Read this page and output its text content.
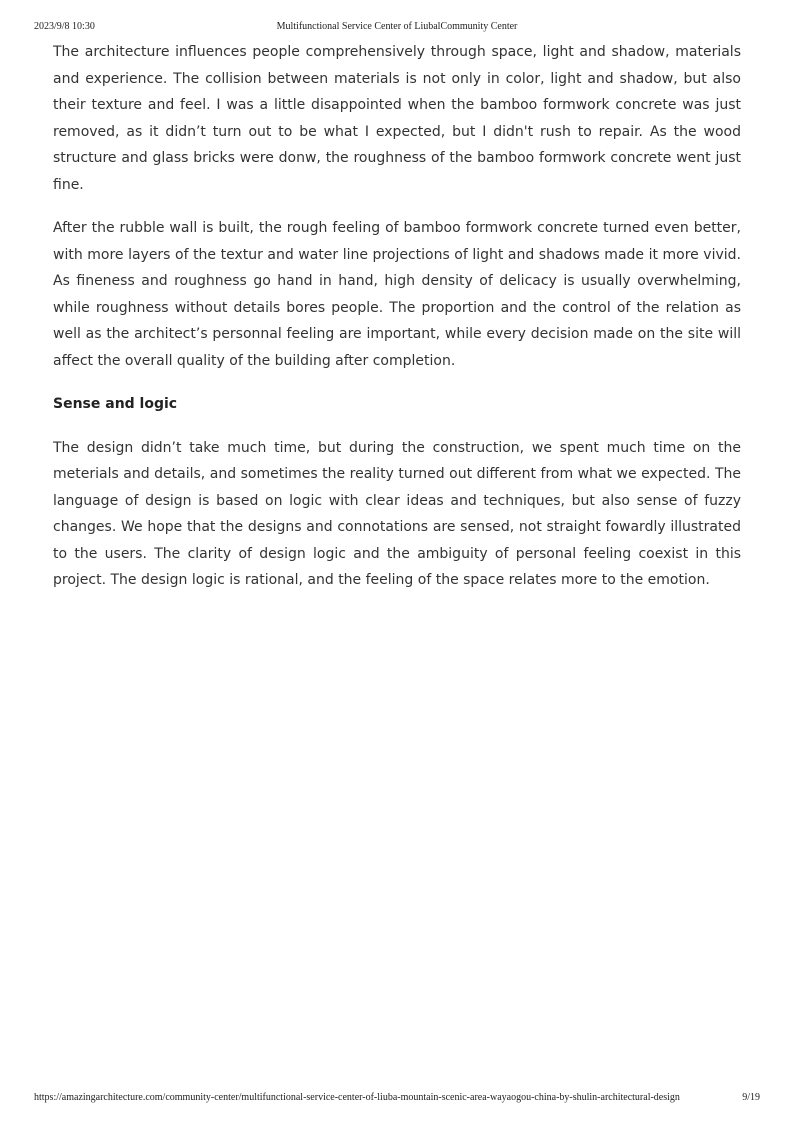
2023/9/8 10:30	Multifunctional Service Center of LiubalCommunity Center

The architecture influences people comprehensively through space, light and shadow, materials and experience. The collision between materials is not only in color, light and shadow, but also their texture and feel. I was a little disappointed when the bamboo formwork concrete was just removed, as it didn’t turn out to be what I expected, but I didn't rush to repair. As the wood structure and glass bricks were donw, the roughness of the bamboo formwork concrete went just fine.

After the rubble wall is built, the rough feeling of bamboo formwork concrete turned even better, with more layers of the textur and water line projections of light and shadows made it more vivid. As fineness and roughness go hand in hand, high density of delicacy is usually overwhelming, while roughness without details bores people. The proportion and the control of the relation as well as the architect’s personnal feeling are important, while every decision made on the site will affect the overall quality of the building after completion.

Sense and logic

The design didn’t take much time, but during the construction, we spent much time on the meterials and details, and sometimes the reality turned out different from what we expected. The language of design is based on logic with clear ideas and techniques, but also sense of fuzzy changes. We hope that the designs and connotations are sensed, not straight fowardly illustrated to the users. The clarity of design logic and the ambiguity of personal feeling coexist in this project. The design logic is rational, and the feeling of the space relates more to the emotion.

https://amazingarchitecture.com/community-center/multifunctional-service-center-of-liuba-mountain-scenic-area-wayaogou-china-by-shulin-architectural-design	9/19
